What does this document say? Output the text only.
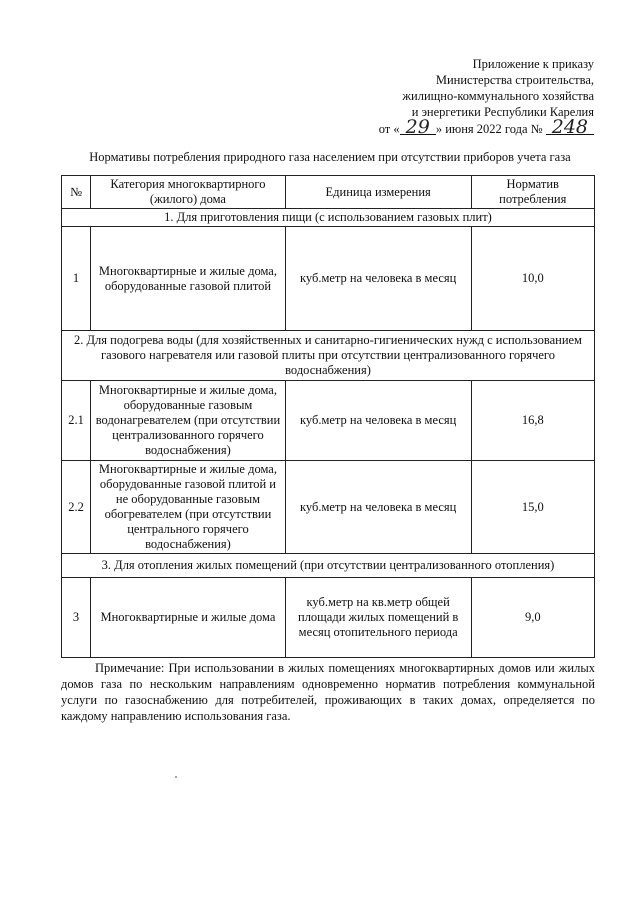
Приложение к приказу
Министерства строительства,
жилищно-коммунального хозяйства
и энергетики Республики Карелия
от « 29 » июня 2022 года № 248
Нормативы потребления природного газа населением при отсутствии приборов учета газа
№	Категория многоквартирного (жилого) дома	Единица измерения	Норматив потребления
1. Для приготовления пищи (с использованием газовых плит)			
1	Многоквартирные и жилые дома, оборудованные газовой плитой	куб.метр на человека в месяц	10,0
2. Для подогрева воды (для хозяйственных и санитарно-гигиенических нужд с использованием газового нагревателя или газовой плиты при отсутствии централизованного горячего водоснабжения)			
2.1	Многоквартирные и жилые дома, оборудованные газовым водонагревателем (при отсутствии централизованного горячего водоснабжения)	куб.метр на человека в месяц	16,8
2.2	Многоквартирные и жилые дома, оборудованные газовой плитой и не оборудованные газовым обогревателем (при отсутствии центрального горячего водоснабжения)	куб.метр на человека в месяц	15,0
3. Для отопления жилых помещений (при отсутствии централизованного отопления)			
3	Многоквартирные и жилые дома	куб.метр на кв.метр общей площади жилых помещений в месяц отопительного периода	9,0
Примечание: При использовании в жилых помещениях многоквартирных домов или жилых домов газа по нескольким направлениям одновременно норматив потребления коммунальной услуги по газоснабжению для потребителей, проживающих в таких домах, определяется по каждому направлению использования газа.
